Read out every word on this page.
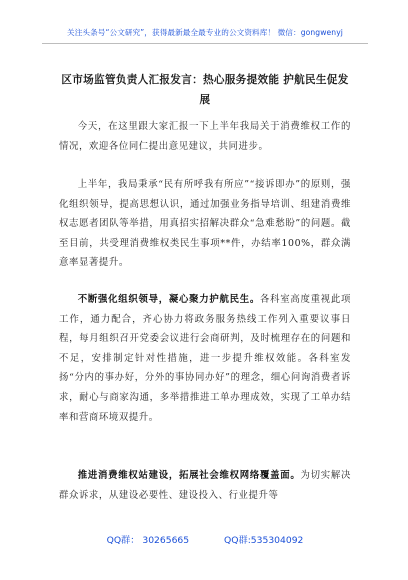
关注头条号“公文研究”，获得最新最全最专业的公文资料库！ 微信：gongwenyj
区市场监管负责人汇报发言：热心服务提效能 护航民生促发展

今天，在这里跟大家汇报一下上半年我局关于消费维权工作的情况，欢迎各位同仁提出意见建议，共同进步。

上半年，我局秉承“民有所呼我有所应”“接诉即办”的原则，强化组织领导，提高思想认识，通过加强业务指导培训、组建消费维权志愿者团队等举措，用真招实招解决群众“急难愁盼”的问题。截至目前，共受理消费维权类民生事项**件，办结率100%，群众满意率显著提升。

不断强化组织领导，凝心聚力护航民生。各科室高度重视此项工作，通力配合，齐心协力将政务服务热线工作列入重要议事日程，每月组织召开党委会议进行会商研判，及时梳理存在的问题和不足，安排制定针对性措施，进一步提升维权效能。各科室发扬“分内的事办好，分外的事协同办好”的理念，细心问询消费者诉求，耐心与商家沟通，多举措推进工单办理成效，实现了工单办结率和营商环境双提升。

推进消费维权站建设，拓展社会维权网络覆盖面。为切实解决群众诉求，从建设必要性、建设投入、行业提升等

QQ群： 30265665	QQ群:535304092
